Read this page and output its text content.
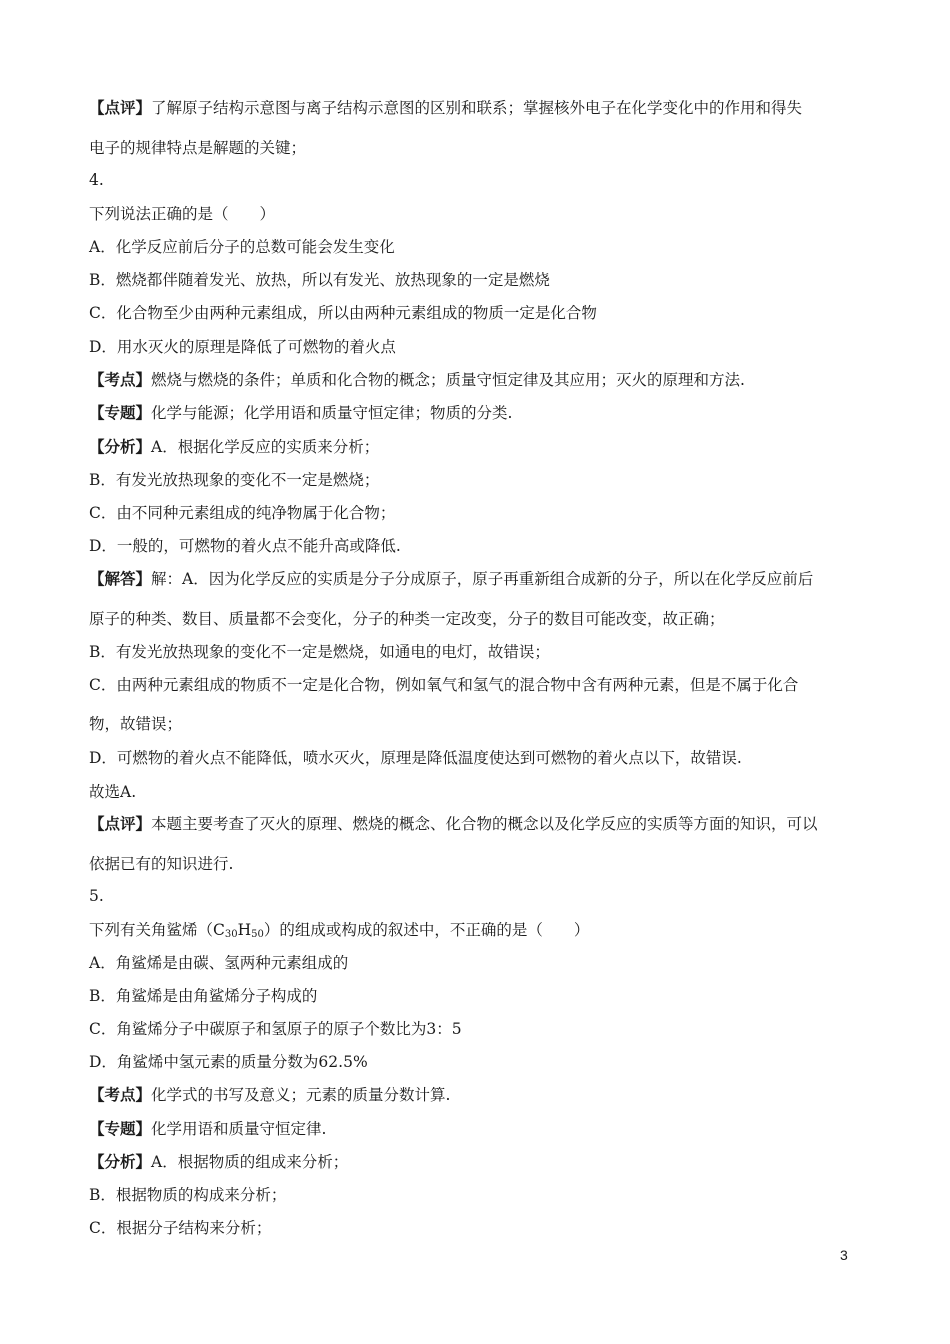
【点评】了解原子结构示意图与离子结构示意图的区别和联系；掌握核外电子在化学变化中的作用和得失
电子的规律特点是解题的关键；
4.
下列说法正确的是（　　）
A．化学反应前后分子的总数可能会发生变化
B．燃烧都伴随着发光、放热，所以有发光、放热现象的一定是燃烧
C．化合物至少由两种元素组成，所以由两种元素组成的物质一定是化合物
D．用水灭火的原理是降低了可燃物的着火点
【考点】燃烧与燃烧的条件；单质和化合物的概念；质量守恒定律及其应用；灭火的原理和方法.
【专题】化学与能源；化学用语和质量守恒定律；物质的分类.
【分析】A．根据化学反应的实质来分析；
B．有发光放热现象的变化不一定是燃烧；
C．由不同种元素组成的纯净物属于化合物；
D．一般的，可燃物的着火点不能升高或降低.
【解答】解：A．因为化学反应的实质是分子分成原子，原子再重新组合成新的分子，所以在化学反应前后
原子的种类、数目、质量都不会变化，分子的种类一定改变，分子的数目可能改变，故正确；
B．有发光放热现象的变化不一定是燃烧，如通电的电灯，故错误；
C．由两种元素组成的物质不一定是化合物，例如氧气和氢气的混合物中含有两种元素，但是不属于化合
物，故错误；
D．可燃物的着火点不能降低，喷水灭火，原理是降低温度使达到可燃物的着火点以下，故错误.
故选A.
【点评】本题主要考查了灭火的原理、燃烧的概念、化合物的概念以及化学反应的实质等方面的知识，可以
依据已有的知识进行.
5.
下列有关角鲨烯$(C_{30}H_{50})$的组成或构成的叙述中，不正确的是（　　）
A．角鲨烯是由碳、氢两种元素组成的
B．角鲨烯是由角鲨烯分子构成的
C．角鲨烯分子中碳原子和氢原子的原子个数比为3：5
D．角鲨烯中氢元素的质量分数为62.5%
【考点】化学式的书写及意义；元素的质量分数计算.
【专题】化学用语和质量守恒定律.
【分析】A．根据物质的组成来分析；
B．根据物质的构成来分析；
C．根据分子结构来分析；
3
